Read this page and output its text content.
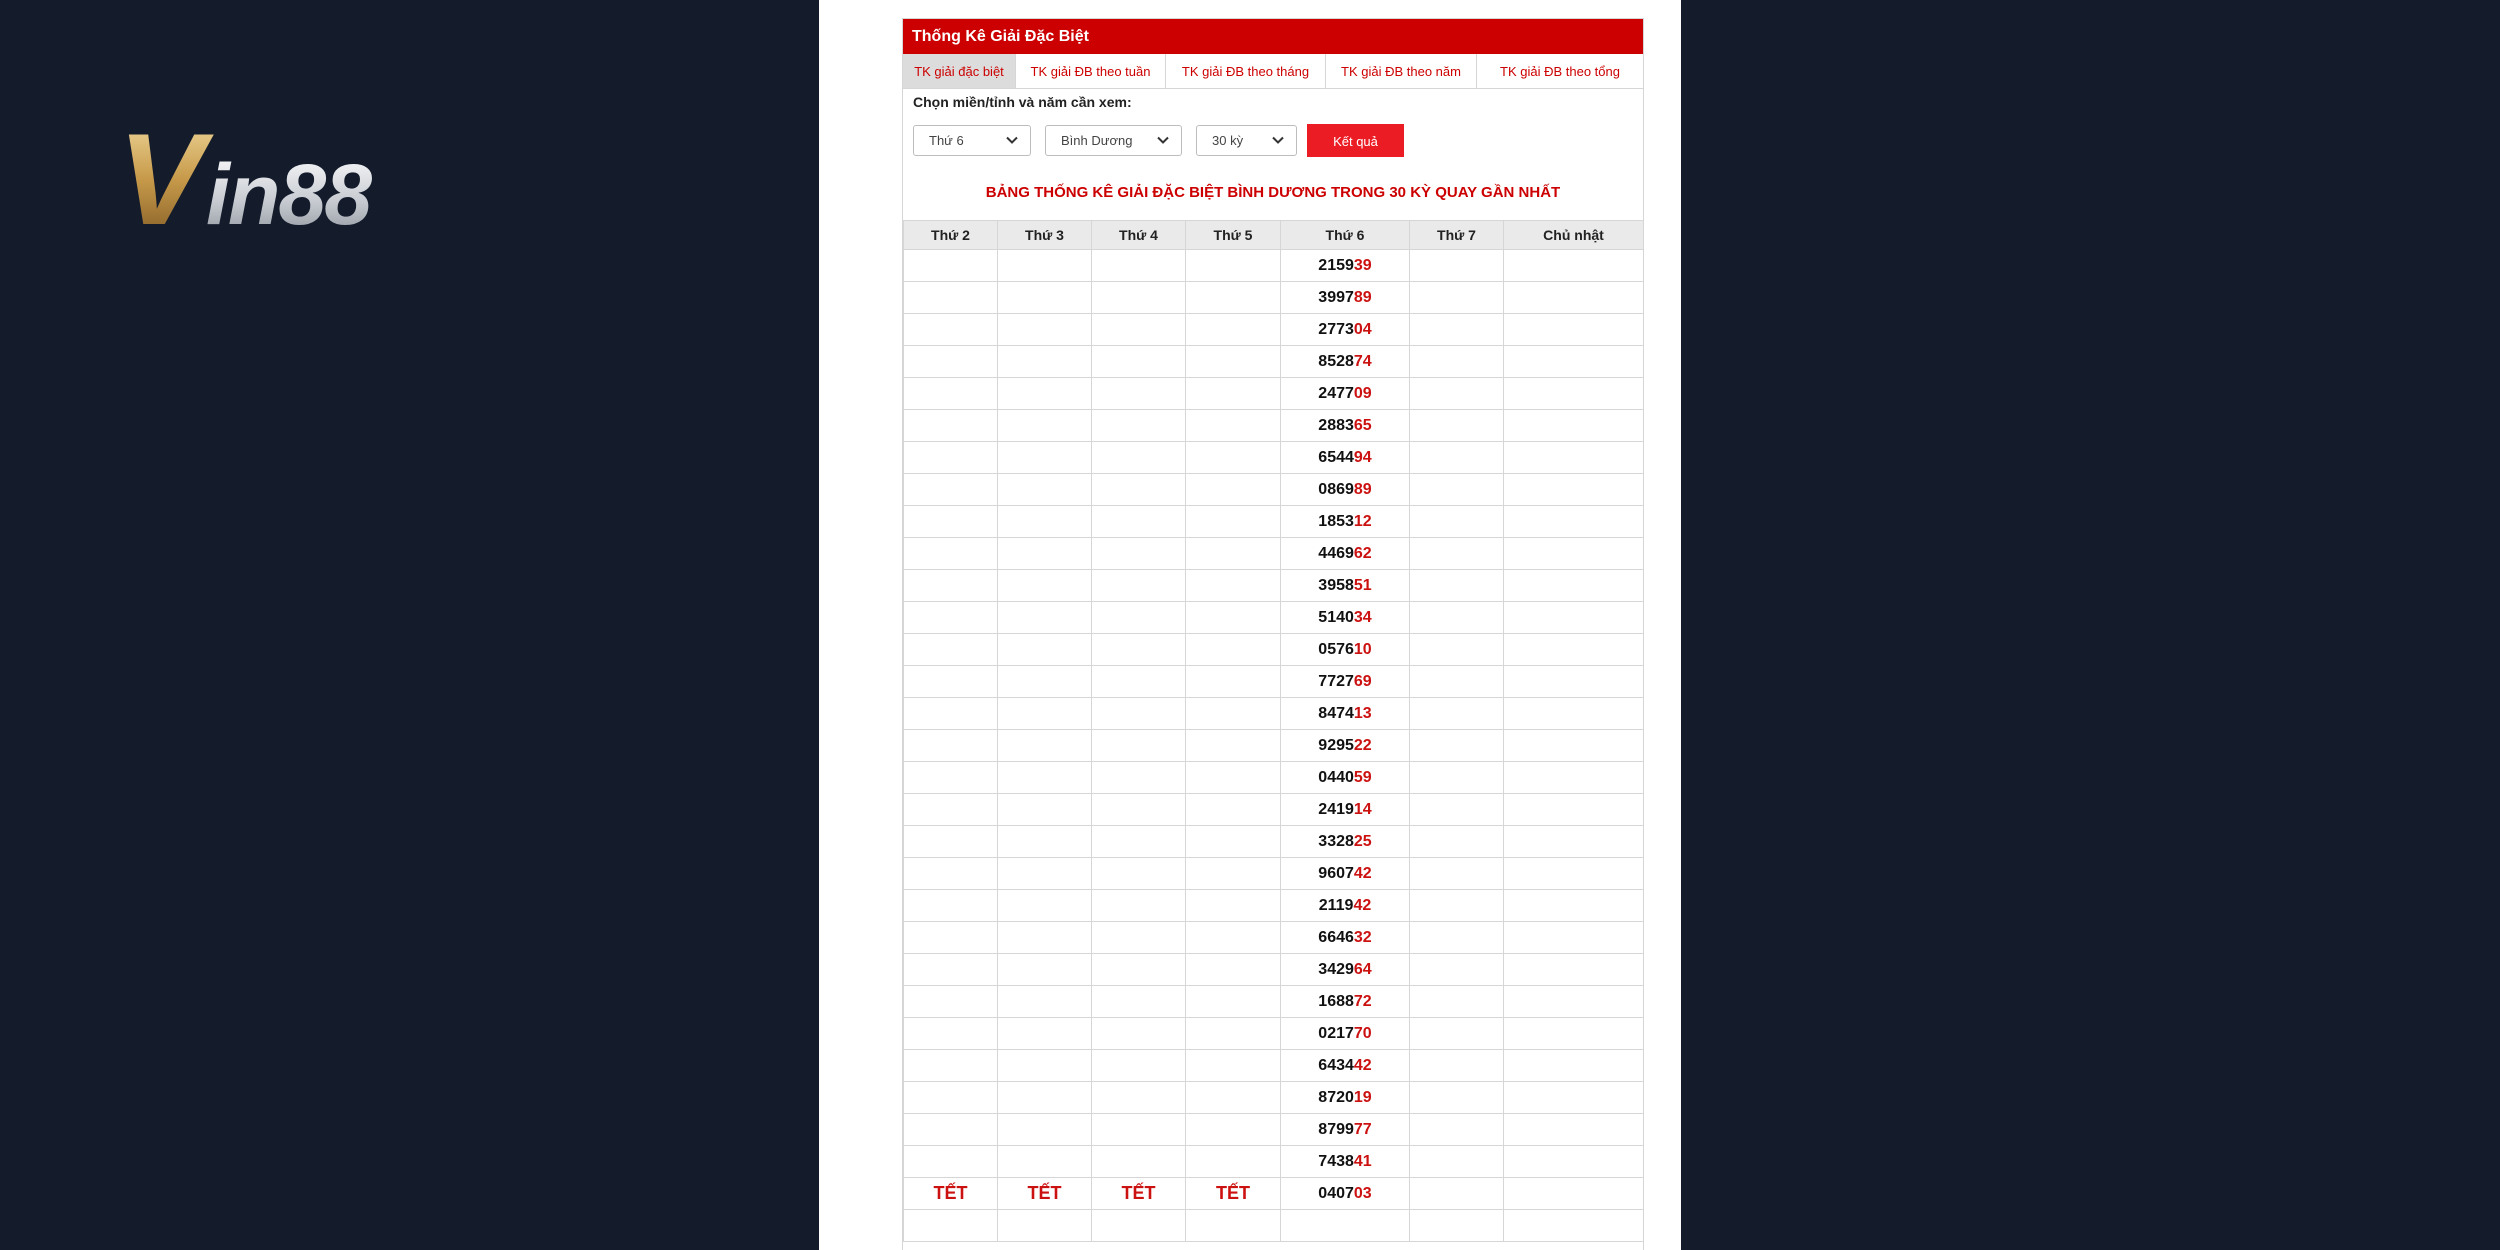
V in88
Thống Kê Giải Đặc Biệt
TK giải đặc biệt	TK giải ĐB theo tuần	TK giải ĐB theo tháng	TK giải ĐB theo năm	TK giải ĐB theo tổng
Chọn miền/tỉnh và năm cần xem:
Thứ 6	Bình Dương	30 kỳ	Kết quả
BẢNG THỐNG KÊ GIẢI ĐẶC BIỆT BÌNH DƯƠNG TRONG 30 KỲ QUAY GẦN NHẤT
Thứ 2	Thứ 3	Thứ 4	Thứ 5	Thứ 6	Thứ 7	Chủ nhật
				215939		
				399789		
				277304		
				852874		
				247709		
				288365		
				654494		
				086989		
				185312		
				446962		
				395851		
				514034		
				057610		
				772769		
				847413		
				929522		
				044059		
				241914		
				332825		
				960742		
				211942		
				664632		
				342964		
				168872		
				021770		
				643442		
				872019		
				879977		
				743841		
TẾT	TẾT	TẾT	TẾT	040703		
